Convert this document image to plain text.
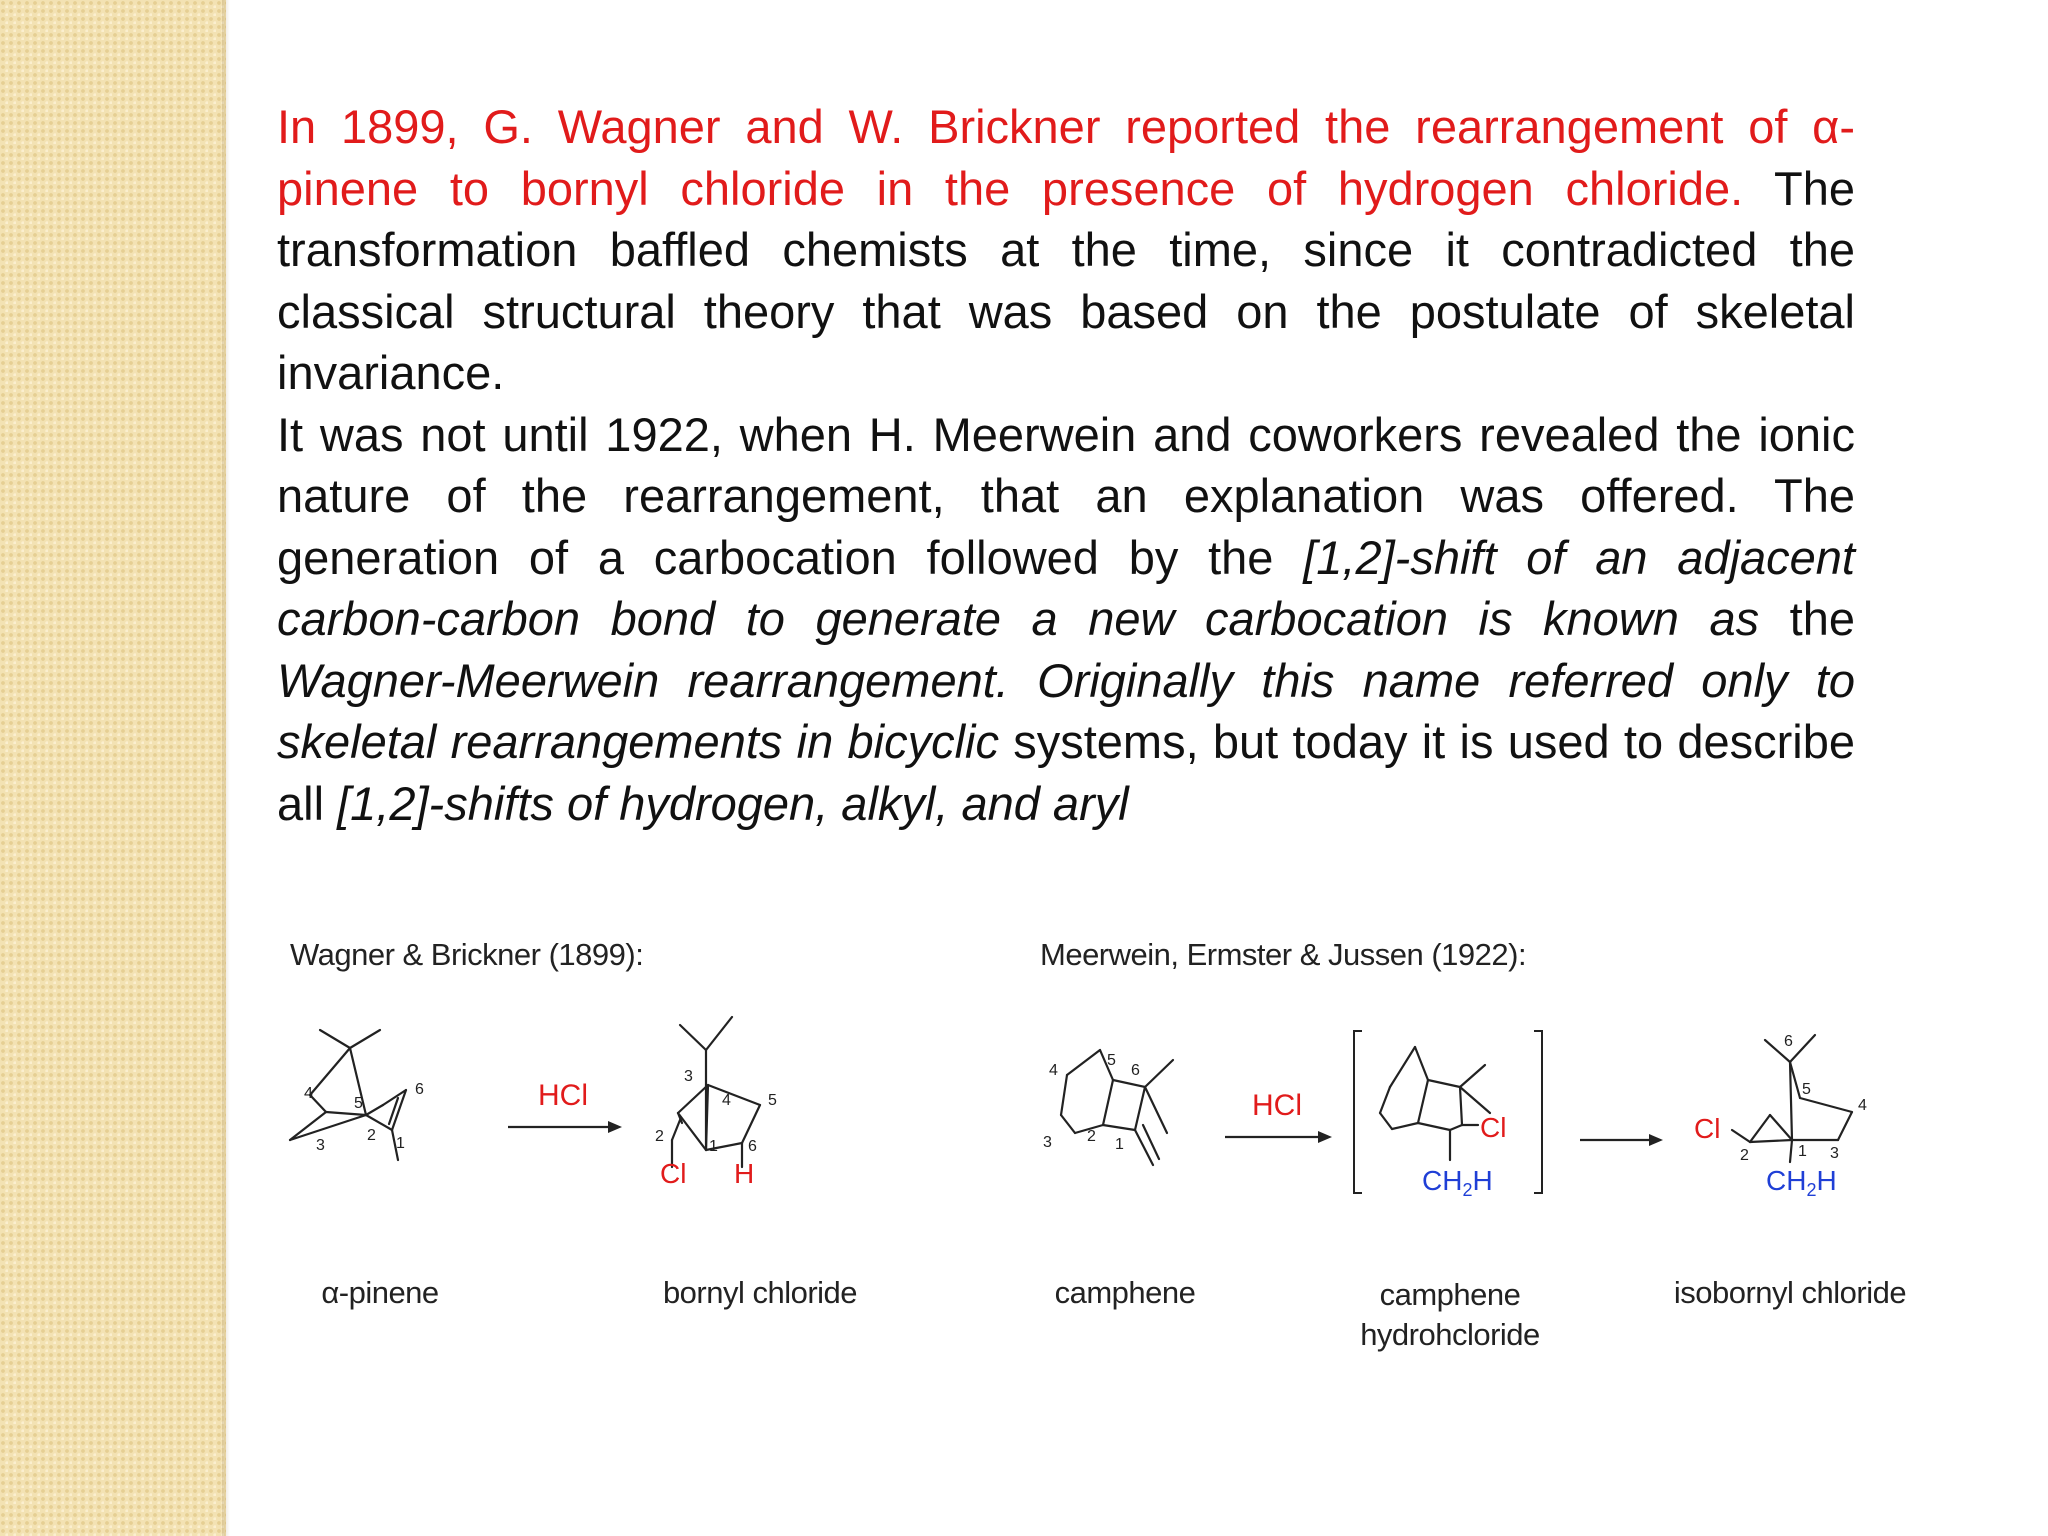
In 1899, G. Wagner and W. Brickner reported the rearrangement of α-pinene to bornyl chloride in the presence of hydrogen chloride. The transformation baffled chemists at the time, since it contradicted the classical structural theory that was based on the postulate of skeletal invariance.

It was not until 1922, when H. Meerwein and coworkers revealed the ionic nature of the rearrangement, that an explanation was offered. The generation of a carbocation followed by the [1,2]-shift of an adjacent carbon-carbon bond to generate a new carbocation is known as the Wagner-Meerwein rearrangement. Originally this name referred only to skeletal rearrangements in bicyclic systems, but today it is used to describe all [1,2]-shifts of hydrogen, alkyl, and aryl

Wagner & Brickner (1899):	Meerwein, Ermster & Jussen (1922):
4
5
6
2 1
3
α-pinene
HCl
3
4 5
2
1 6
Cl H
bornyl chloride
4
5
6
3 2 1
camphene
HCl
Cl
$CH_2H$
camphene
hydrohcloride
6
5
4
3
1
2
Cl
$CH_2H$
isobornyl chloride
